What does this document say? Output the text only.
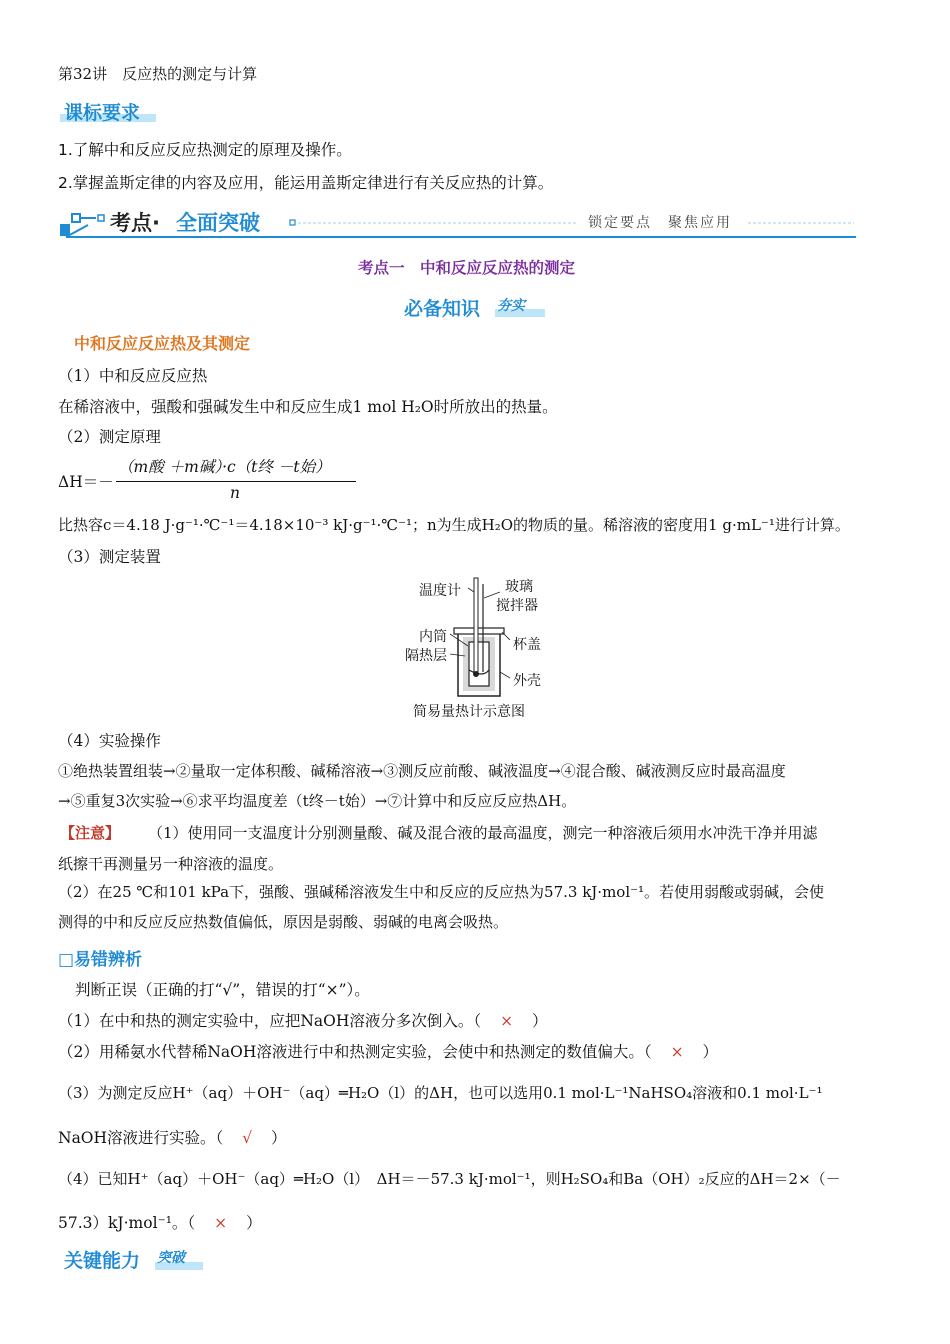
第32讲　反应热的测定与计算
课标要求
1.了解中和反应反应热测定的原理及操作。
2.掌握盖斯定律的内容及应用，能运用盖斯定律进行有关反应热的计算。
考点· 全面突破	锁定要点　聚焦应用
考点一　中和反应反应热的测定
必备知识 夯实
中和反应反应热及其测定
（1）中和反应反应热
在稀溶液中，强酸和强碱发生中和反应生成1 mol H₂O时所放出的热量。
（2）测定原理
ΔH＝－
（m酸 ＋m碱）·c（t终 －t始）
n
比热容c＝4.18 J·g⁻¹·℃⁻¹＝4.18×10⁻³ kJ·g⁻¹·℃⁻¹；n为生成H₂O的物质的量。稀溶液的密度用1 g·mL⁻¹进行计算。
（3）测定装置
温度计	玻璃
搅拌器
内筒	杯盖
隔热层
外壳
简易量热计示意图
（4）实验操作
①绝热装置组装→②量取一定体积酸、碱稀溶液→③测反应前酸、碱液温度→④混合酸、碱液测反应时最高温度
→⑤重复3次实验→⑥求平均温度差（t终－t始）→⑦计算中和反应反应热ΔH。
【注意】 （1）使用同一支温度计分别测量酸、碱及混合液的最高温度，测完一种溶液后须用水冲洗干净并用滤
纸擦干再测量另一种溶液的温度。
（2）在25 ℃和101 kPa下，强酸、强碱稀溶液发生中和反应的反应热为57.3 kJ·mol⁻¹。若使用弱酸或弱碱，会使
测得的中和反应反应热数值偏低，原因是弱酸、弱碱的电离会吸热。
□易错辨析
判断正误（正确的打“√”，错误的打“×”）。
（1）在中和热的测定实验中，应把NaOH溶液分多次倒入。（ × ）
（2）用稀氨水代替稀NaOH溶液进行中和热测定实验，会使中和热测定的数值偏大。（ × ）
（3）为测定反应H⁺（aq）＋OH⁻（aq）═H₂O（l）的ΔH，也可以选用0.1 mol·L⁻¹NaHSO₄溶液和0.1 mol·L⁻¹
NaOH溶液进行实验。（ √ ）
（4）已知H⁺（aq）＋OH⁻（aq）═H₂O（l）　ΔH＝－57.3 kJ·mol⁻¹，则H₂SO₄和Ba（OH）₂反应的ΔH＝2×（－
57.3）kJ·mol⁻¹。（ × ）
关键能力 突破
